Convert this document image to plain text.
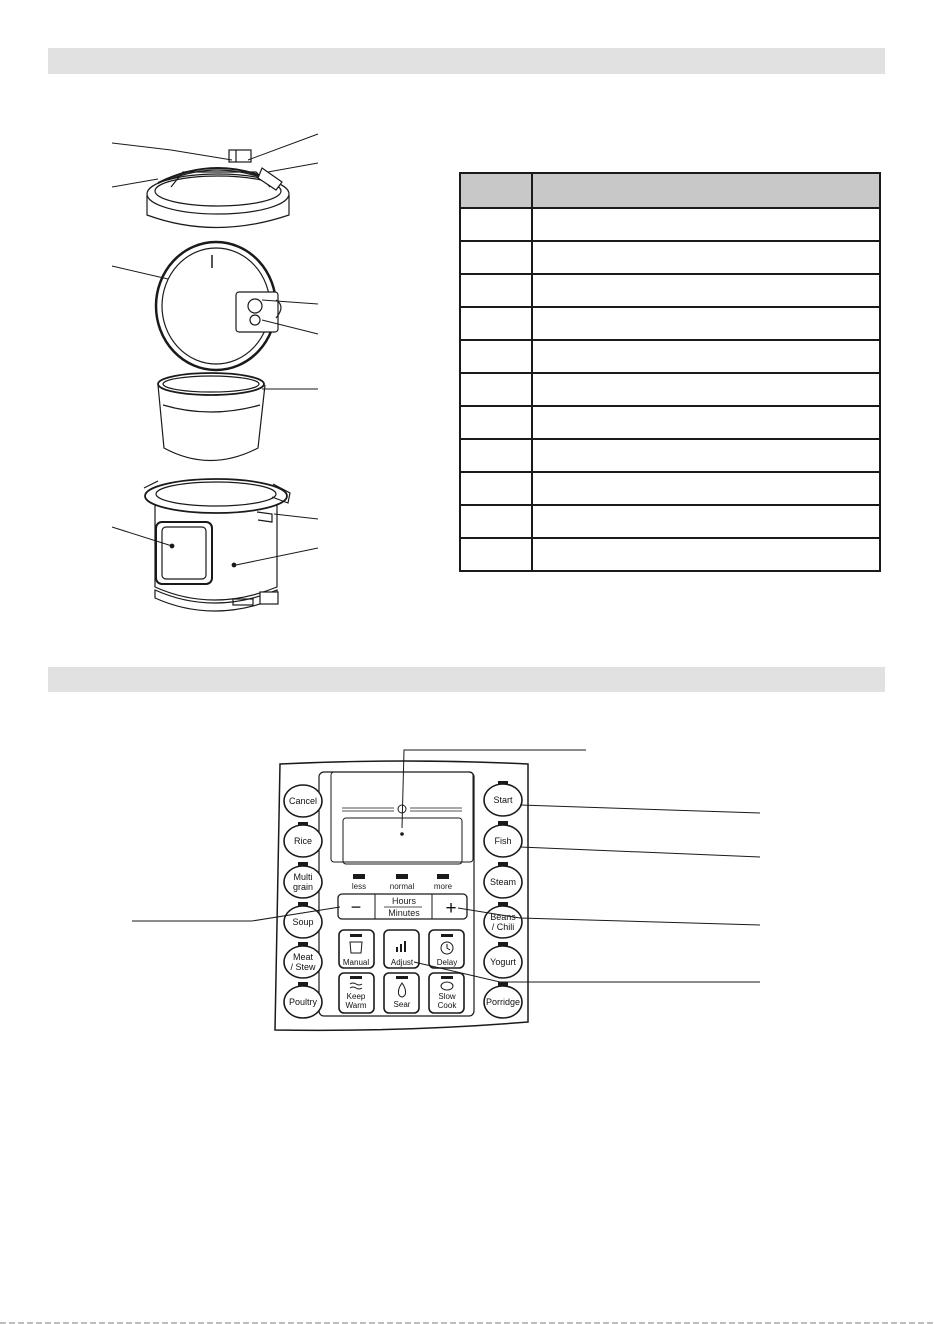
less	normal more
−	+
Hours
Minutes
Cancel
Rice
Multi
grain
Soup
Meat
/ Stew
Poultry
Start
Fish
Steam
Beans
/ Chili
Yogurt
Porridge
Manual	Adjust	Delay
Keep
Warm	Sear
Slow
Cook
